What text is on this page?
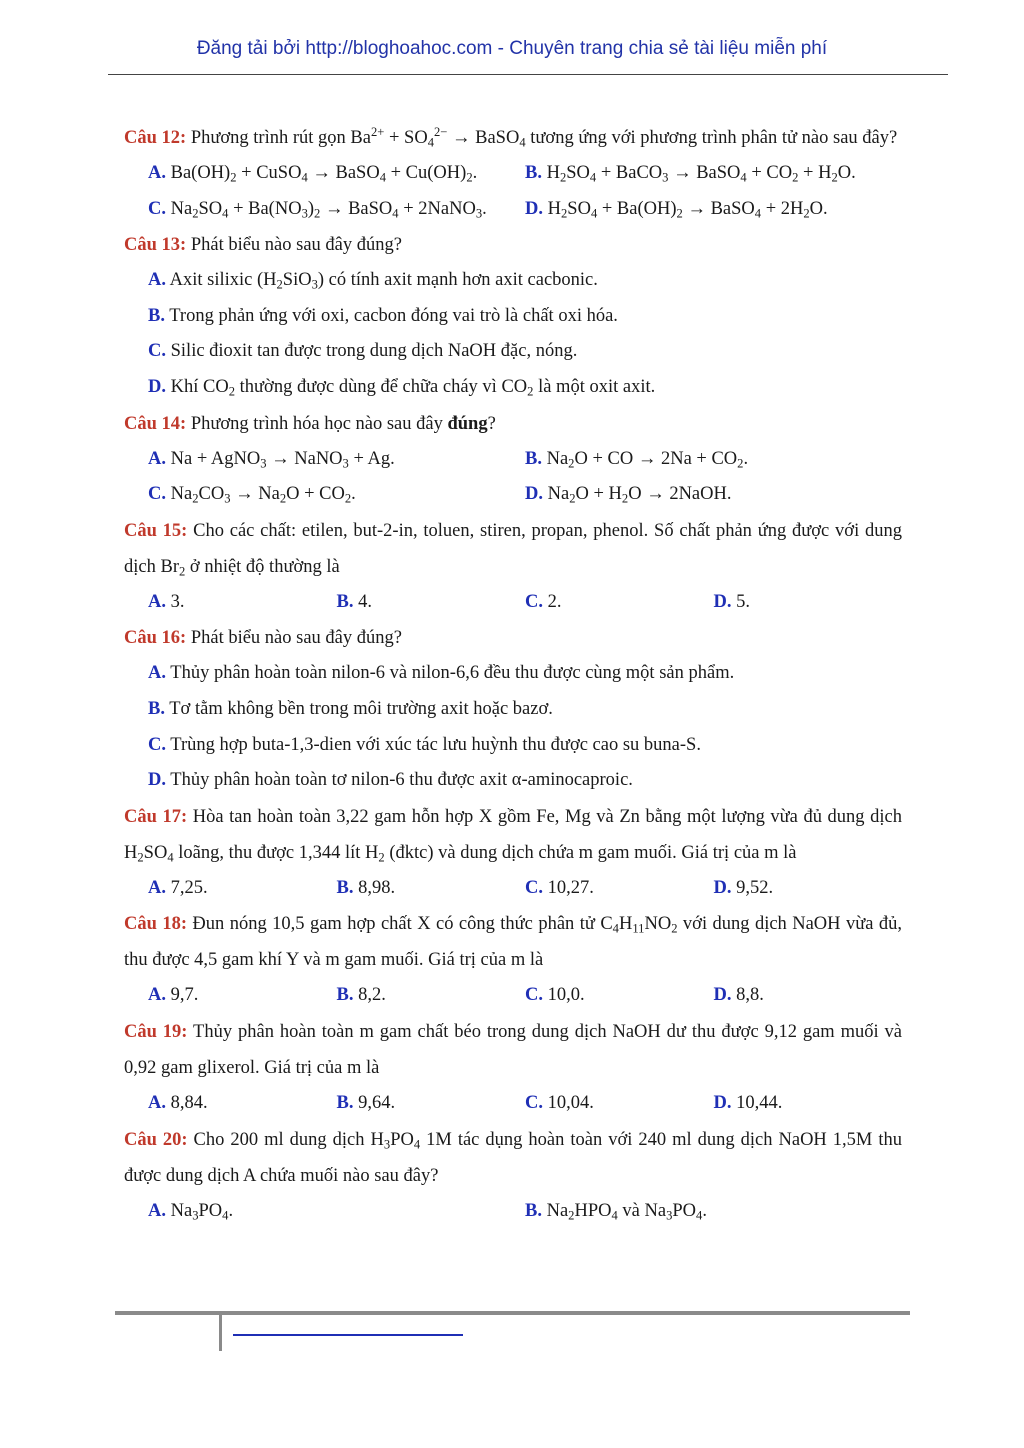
Đăng tải bởi http://bloghoahoc.com - Chuyên trang chia sẻ tài liệu miễn phí
Câu 12: Phương trình rút gọn $Ba^{2+} + SO_4^{2-}$ → BaSO$_4$ tương ứng với phương trình phân tử nào sau đây?
A. $Ba(OH)_2$ + CuSO$_4$ → BaSO$_4$ + $Cu(OH)_2$.	B. $H_2SO_4$ + BaCO$_3$ → BaSO$_4$ + $CO_2 + H_2O$.
C. $Na_2SO_4 + Ba(NO_3)_2$ → BaSO$_4$ + 2NaNO$_3$.	D. $H_2SO_4 + Ba(OH)_2$ → BaSO$_4$ + $2H_2O$.
Câu 13: Phát biểu nào sau đây đúng?
A. Axit silixic $(H_2SiO_3)$ có tính axit mạnh hơn axit cacbonic.
B. Trong phản ứng với oxi, cacbon đóng vai trò là chất oxi hóa.
C. Silic đioxit tan được trong dung dịch NaOH đặc, nóng.
D. Khí $CO_2$ thường được dùng để chữa cháy vì $CO_2$ là một oxit axit.
Câu 14: Phương trình hóa học nào sau đây đúng?
A. Na + AgNO$_3$ → NaNO$_3$ + Ag.	B. $Na_2O$ + CO → $2Na + CO_2$.
C. $Na_2CO_3 \to Na_2O + CO_2$.	D. $Na_2O + H_2O$ → 2NaOH.
Câu 15: Cho các chất: etilen, but-2-in, toluen, stiren, propan, phenol. Số chất phản ứng được với dung dịch $Br_2$ ở nhiệt độ thường là
A. 3.	B. 4.	C. 2.	D. 5.
Câu 16: Phát biểu nào sau đây đúng?
A. Thủy phân hoàn toàn nilon-6 và nilon-6,6 đều thu được cùng một sản phẩm.
B. Tơ tằm không bền trong môi trường axit hoặc bazơ.
C. Trùng hợp buta-1,3-dien với xúc tác lưu huỳnh thu được cao su buna-S.
D. Thủy phân hoàn toàn tơ nilon-6 thu được axit α-aminocaproic.
Câu 17: Hòa tan hoàn toàn 3,22 gam hỗn hợp X gồm Fe, Mg và Zn bằng một lượng vừa đủ dung dịch $H_2SO_4$ loãng, thu được 1,344 lít $H_2$ (đktc) và dung dịch chứa m gam muối. Giá trị của m là
A. 7,25.	B. 8,98.	C. 10,27.	D. 9,52.
Câu 18: Đun nóng 10,5 gam hợp chất X có công thức phân tử $C_4H_{11}NO_2$ với dung dịch NaOH vừa đủ, thu được 4,5 gam khí Y và m gam muối. Giá trị của m là
A. 9,7.	B. 8,2.	C. 10,0.	D. 8,8.
Câu 19: Thủy phân hoàn toàn m gam chất béo trong dung dịch NaOH dư thu được 9,12 gam muối và 0,92 gam glixerol. Giá trị của m là
A. 8,84.	B. 9,64.	C. 10,04.	D. 10,44.
Câu 20: Cho 200 ml dung dịch $H_3PO_4$ 1M tác dụng hoàn toàn với 240 ml dung dịch NaOH 1,5M thu được dung dịch A chứa muối nào sau đây?
A. $Na_3PO_4$.	B. $Na_2HPO_4$ và $Na_3PO_4$.
